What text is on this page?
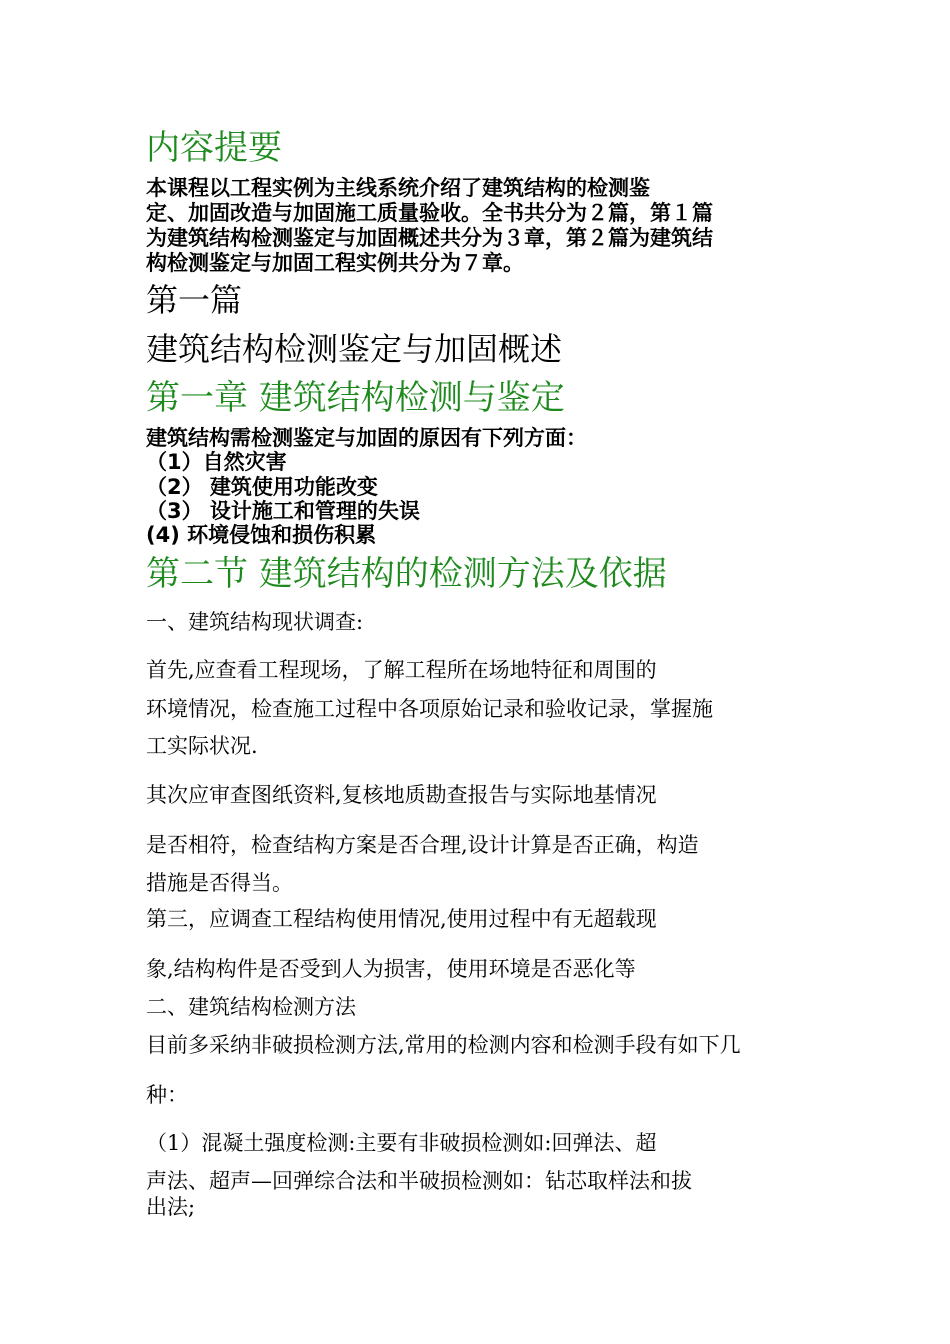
内容提要
本课程以工程实例为主线系统介绍了建筑结构的检测鉴
定、加固改造与加固施工质量验收。全书共分为２篇，第１篇
为建筑结构检测鉴定与加固概述共分为３章，第２篇为建筑结
构检测鉴定与加固工程实例共分为７章。
第一篇
建筑结构检测鉴定与加固概述
第一章 建筑结构检测与鉴定
建筑结构需检测鉴定与加固的原因有下列方面：
（1）自然灾害
（2） 建筑使用功能改变
（3） 设计施工和管理的失误
(4) 环境侵蚀和损伤积累
第二节 建筑结构的检测方法及依据
一、建筑结构现状调查:
首先,应查看工程现场，了解工程所在场地特征和周围的
环境情况，检查施工过程中各项原始记录和验收记录，掌握施
工实际状况.
其次应审查图纸资料,复核地质勘查报告与实际地基情况
是否相符，检查结构方案是否合理,设计计算是否正确，构造
措施是否得当。
第三，应调查工程结构使用情况,使用过程中有无超载现
象,结构构件是否受到人为损害，使用环境是否恶化等
二、建筑结构检测方法
目前多采纳非破损检测方法,常用的检测内容和检测手段有如下几
种：
（1）混凝土强度检测:主要有非破损检测如:回弹法、超
声法、超声—回弹综合法和半破损检测如：钻芯取样法和拔
出法;
